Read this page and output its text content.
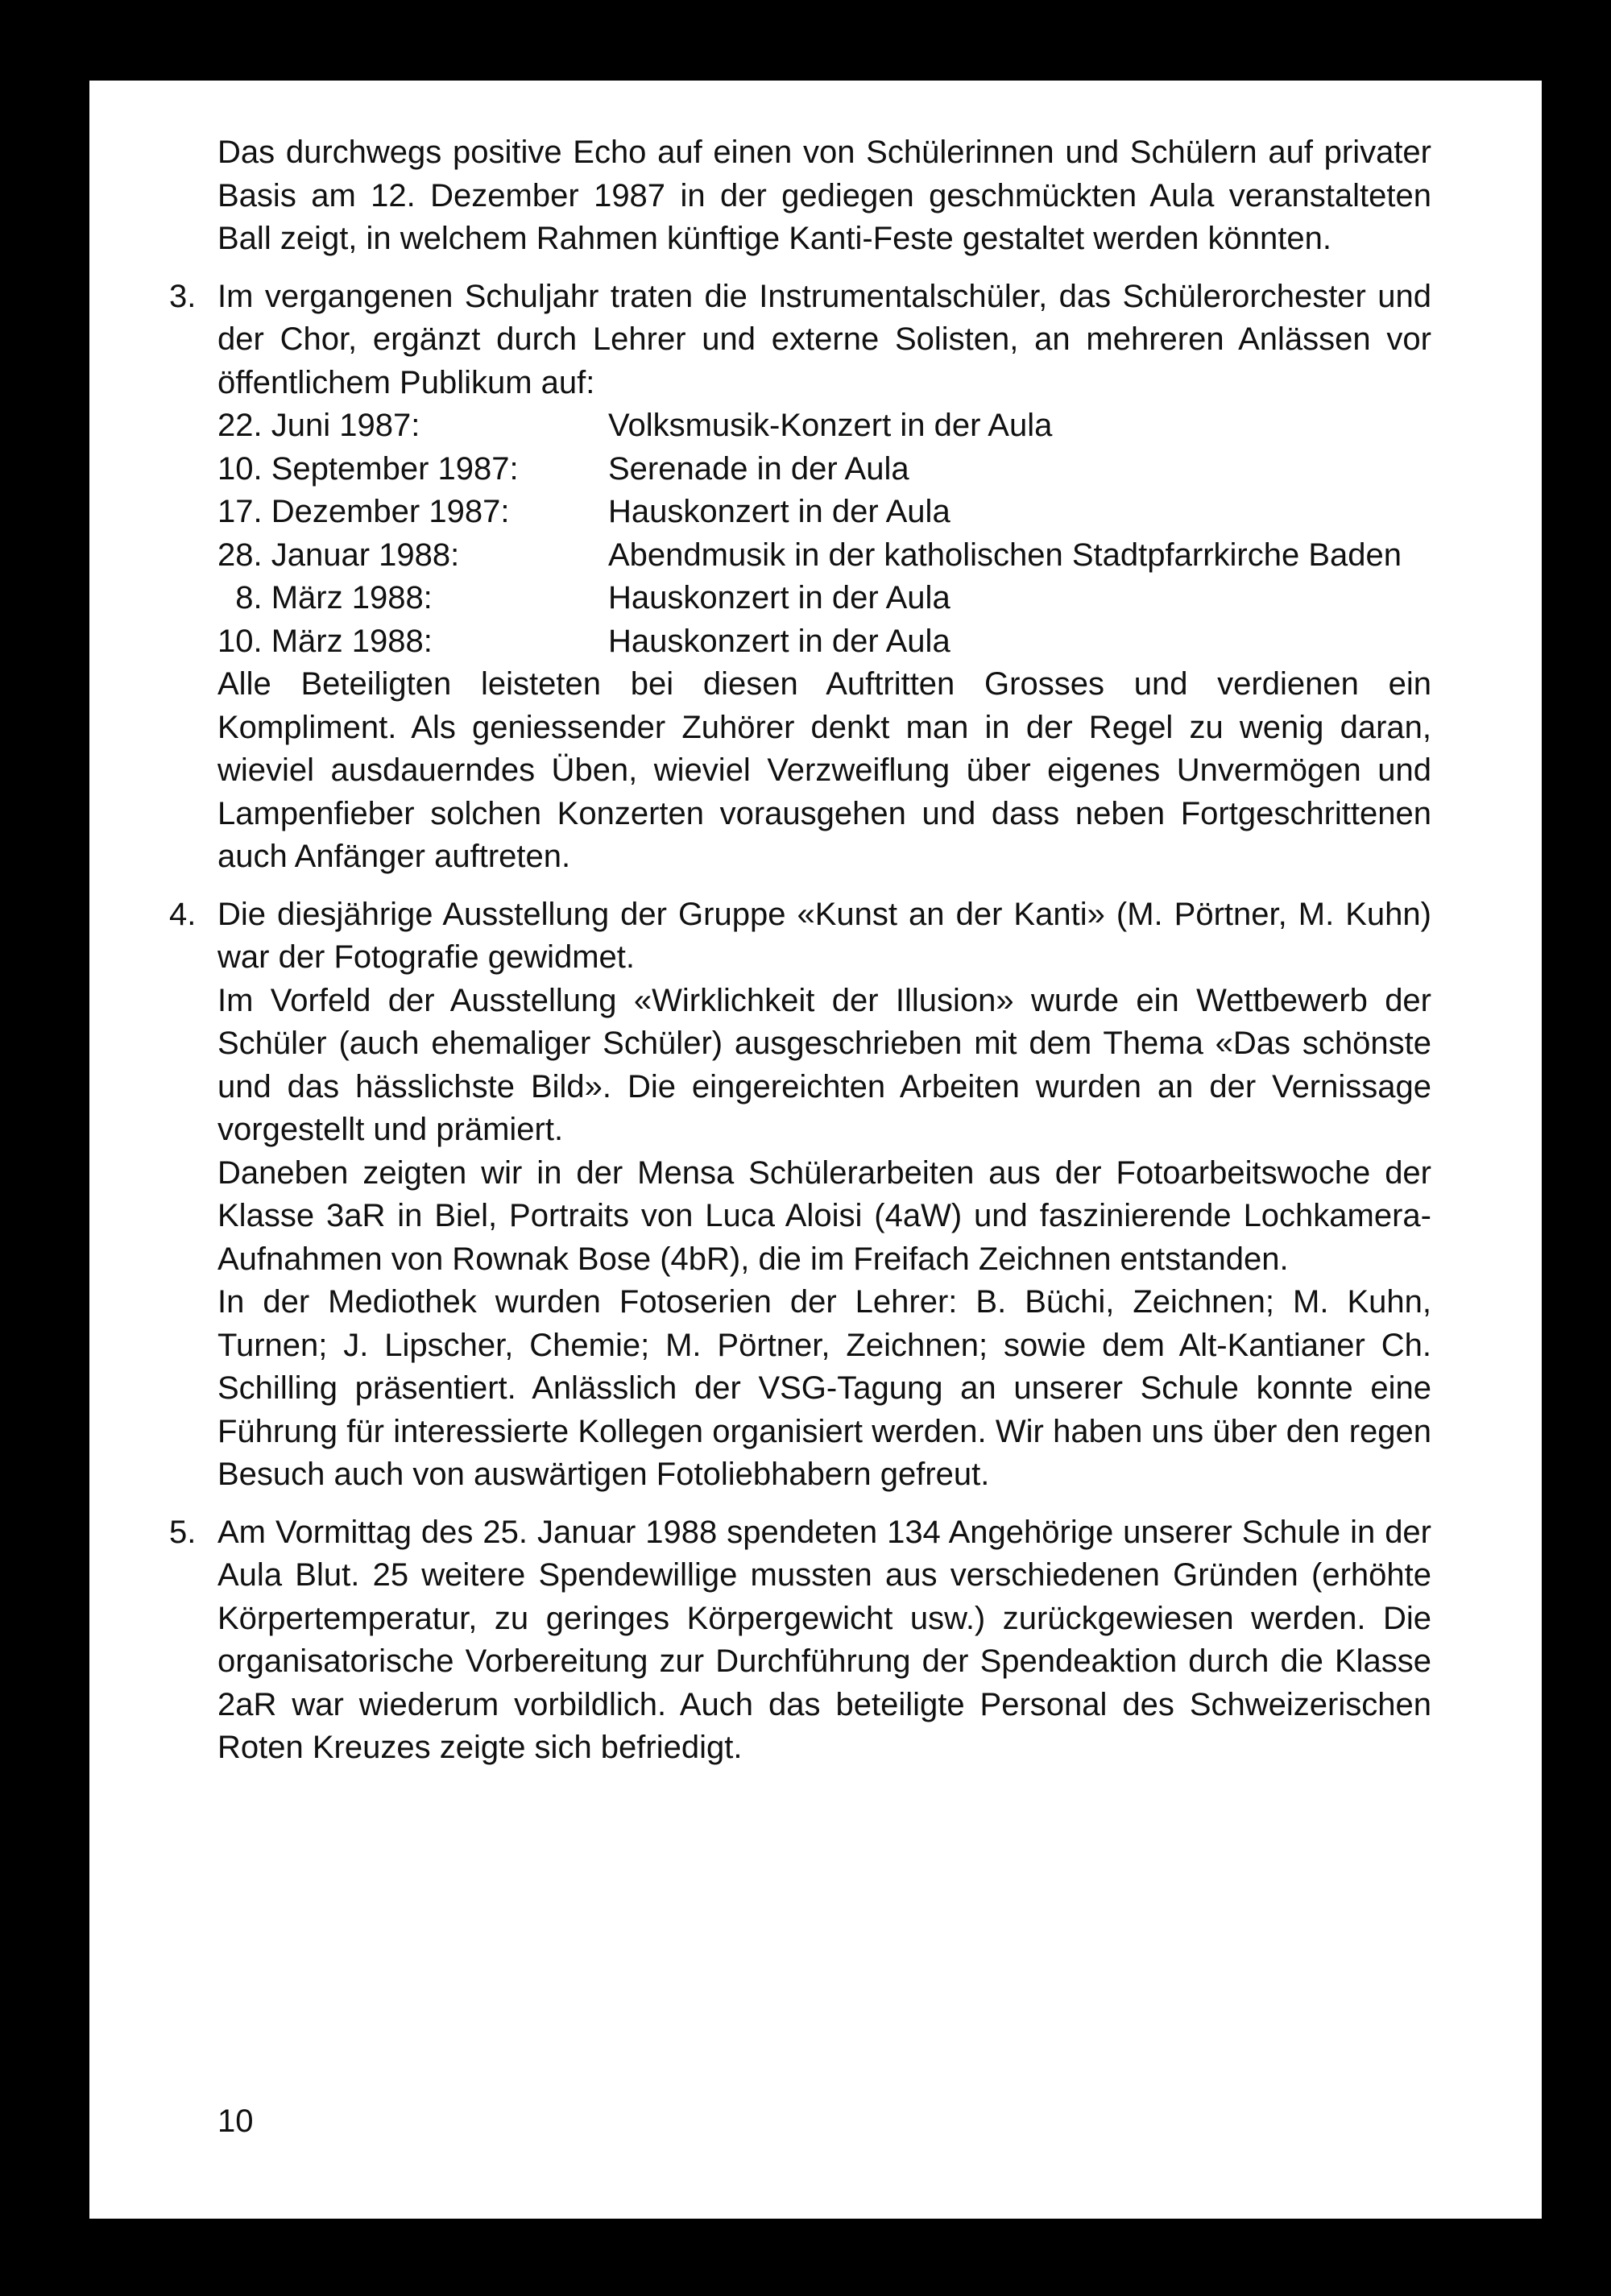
Das durchwegs positive Echo auf einen von Schülerinnen und Schülern auf privater Basis am 12. Dezember 1987 in der gediegen geschmückten Aula veranstalteten Ball zeigt, in welchem Rahmen künftige Kanti-Feste gestaltet werden könnten.

3. Im vergangenen Schuljahr traten die Instrumentalschüler, das Schülerorchester und der Chor, ergänzt durch Lehrer und externe Solisten, an mehreren Anlässen vor öffentlichem Publikum auf:

22. Juni 1987:	Volksmusik-Konzert in der Aula
10. September 1987:	Serenade in der Aula
17. Dezember 1987:	Hauskonzert in der Aula
28. Januar 1988:	Abendmusik in der katholischen Stadtpfarrkirche Baden
8. März 1988:	Hauskonzert in der Aula
10. März 1988:	Hauskonzert in der Aula

Alle Beteiligten leisteten bei diesen Auftritten Grosses und verdienen ein Kompliment. Als geniessender Zuhörer denkt man in der Regel zu wenig daran, wieviel ausdauerndes Üben, wieviel Verzweiflung über eigenes Unvermögen und Lampenfieber solchen Konzerten vorausgehen und dass neben Fortgeschrittenen auch Anfänger auftreten.

4. Die diesjährige Ausstellung der Gruppe «Kunst an der Kanti» (M. Pörtner, M. Kuhn) war der Fotografie gewidmet.

Im Vorfeld der Ausstellung «Wirklichkeit der Illusion» wurde ein Wettbewerb der Schüler (auch ehemaliger Schüler) ausgeschrieben mit dem Thema «Das schönste und das hässlichste Bild». Die eingereichten Arbeiten wurden an der Vernissage vorgestellt und prämiert.

Daneben zeigten wir in der Mensa Schülerarbeiten aus der Fotoarbeitswoche der Klasse 3aR in Biel, Portraits von Luca Aloisi (4aW) und faszinierende Lochkamera-Aufnahmen von Rownak Bose (4bR), die im Freifach Zeichnen entstanden.

In der Mediothek wurden Fotoserien der Lehrer: B. Büchi, Zeichnen; M. Kuhn, Turnen; J. Lipscher, Chemie; M. Pörtner, Zeichnen; sowie dem Alt-Kantianer Ch. Schilling präsentiert. Anlässlich der VSG-Tagung an unserer Schule konnte eine Führung für interessierte Kollegen organisiert werden. Wir haben uns über den regen Besuch auch von auswärtigen Fotoliebhabern gefreut.

5. Am Vormittag des 25. Januar 1988 spendeten 134 Angehörige unserer Schule in der Aula Blut. 25 weitere Spendewillige mussten aus verschiedenen Gründen (erhöhte Körpertemperatur, zu geringes Körpergewicht usw.) zurückgewiesen werden. Die organisatorische Vorbereitung zur Durchführung der Spendeaktion durch die Klasse 2aR war wiederum vorbildlich. Auch das beteiligte Personal des Schweizerischen Roten Kreuzes zeigte sich befriedigt.

10
